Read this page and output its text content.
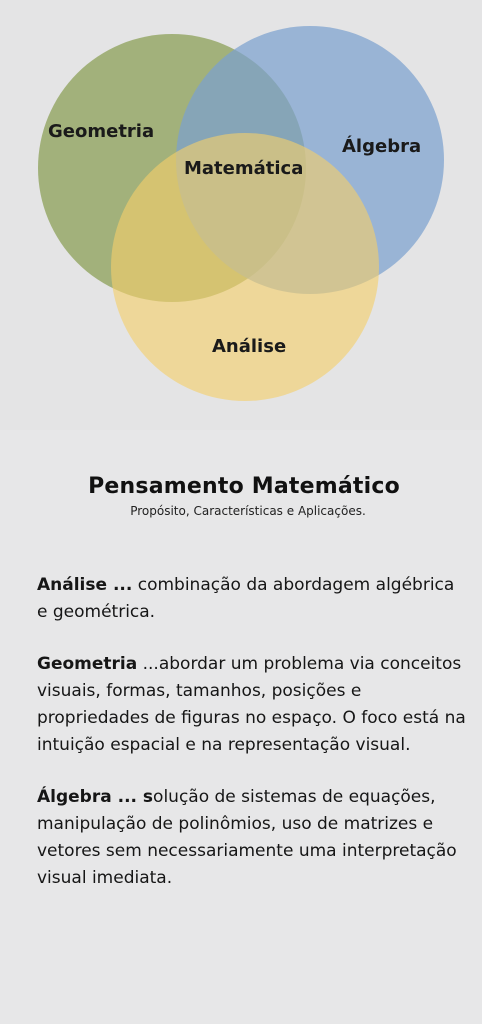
Geometria
Álgebra
Matemática
Análise
Pensamento Matemático
Propósito, Características e Aplicações.

Análise ... combinação da abordagem algébrica e geométrica.

Geometria ...abordar um problema via conceitos visuais, formas, tamanhos, posições e propriedades de figuras no espaço. O foco está na intuição espacial e na representação visual.

Álgebra ... solução de sistemas de equações, manipulação de polinômios, uso de matrizes e vetores sem necessariamente uma interpretação visual imediata.
